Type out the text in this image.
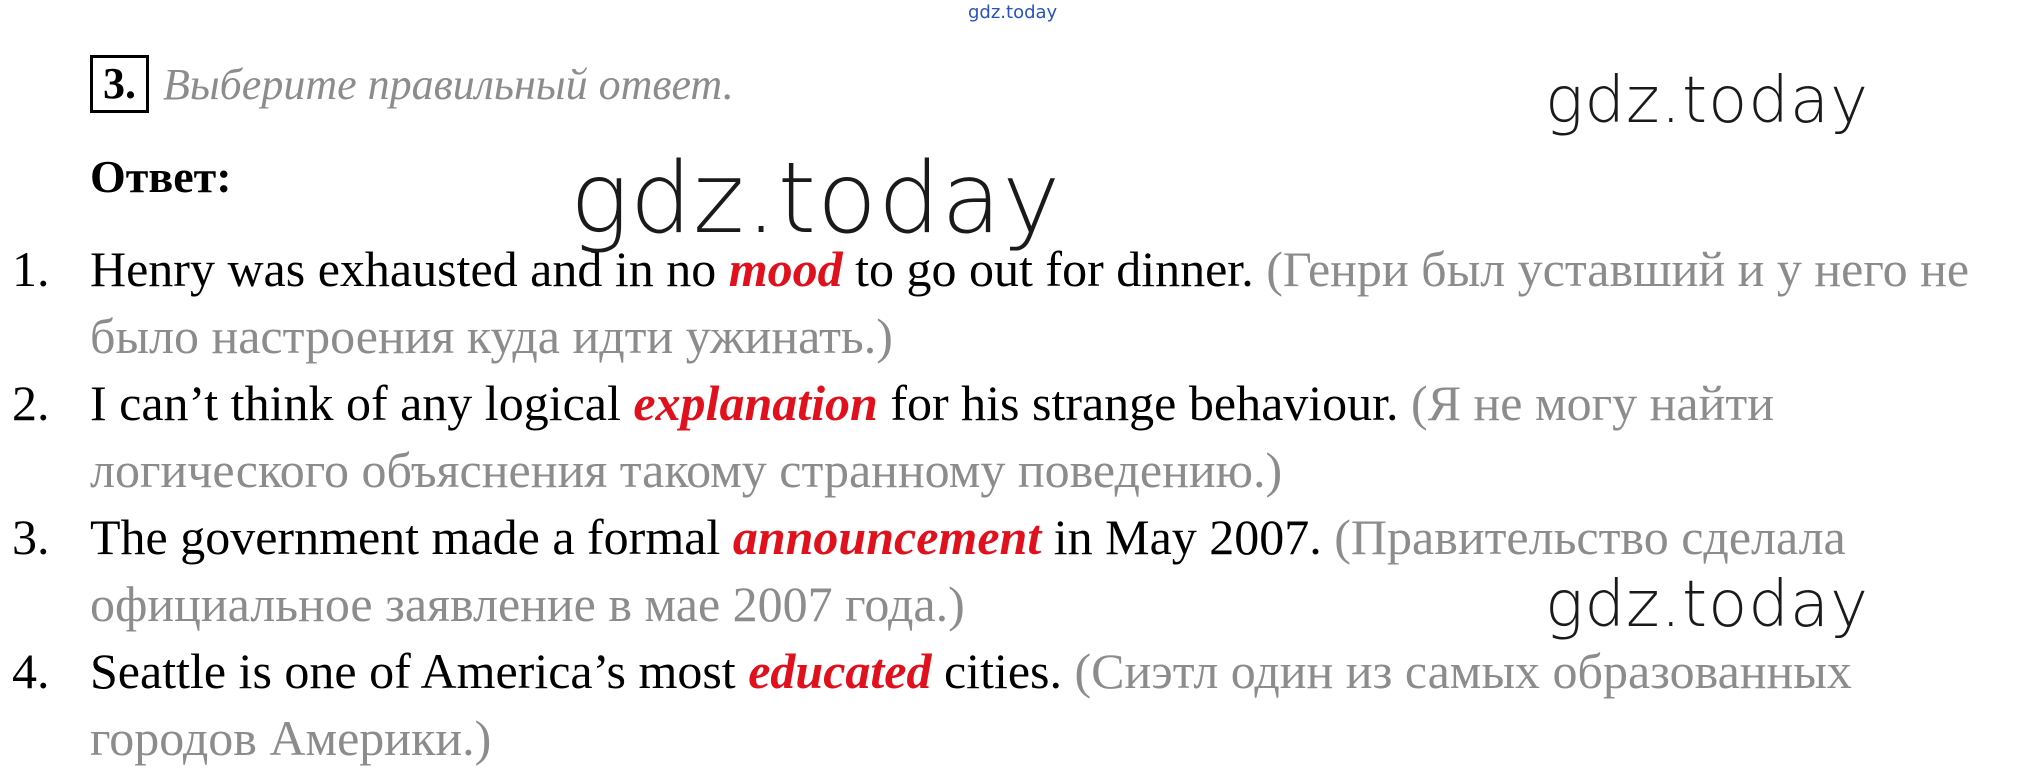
gdz.today
3. Выберите правильный ответ.
Ответ:
1. Henry was exhausted and in no mood to go out for dinner. (Генри был уставший и у него не было настроения куда идти ужинать.)
2. I can’t think of any logical explanation for his strange behaviour. (Я не могу найти логического объяснения такому странному поведению.)
3. The government made a formal announcement in May 2007. (Правительство сделала официальное заявление в мае 2007 года.)
4. Seattle is one of America’s most educated cities. (Сиэтл один из самых образованных городов Америки.)
gdz.today
gdz.today
gdz.today
